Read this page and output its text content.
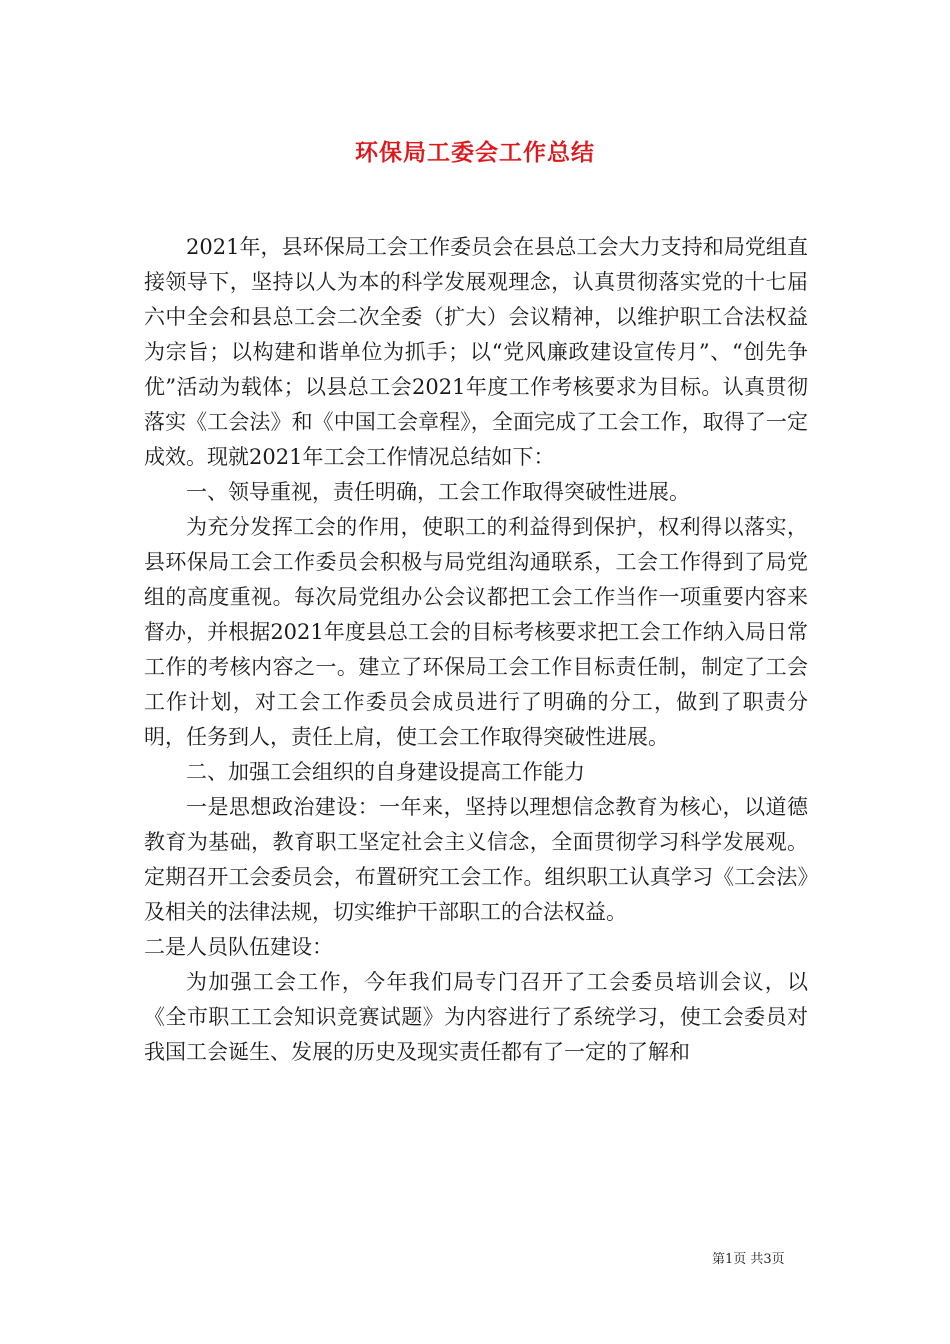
环保局工委会工作总结

2021年，县环保局工会工作委员会在县总工会大力支持和局党组直接领导下，坚持以人为本的科学发展观理念，认真贯彻落实党的十七届六中全会和县总工会二次全委（扩大）会议精神，以维护职工合法权益为宗旨；以构建和谐单位为抓手；以“党风廉政建设宣传月”、“创先争优”活动为载体；以县总工会2021年度工作考核要求为目标。认真贯彻落实《工会法》和《中国工会章程》，全面完成了工会工作，取得了一定成效。现就2021年工会工作情况总结如下：

一、领导重视，责任明确，工会工作取得突破性进展。

为充分发挥工会的作用，使职工的利益得到保护，权利得以落实，县环保局工会工作委员会积极与局党组沟通联系，工会工作得到了局党组的高度重视。每次局党组办公会议都把工会工作当作一项重要内容来督办，并根据2021年度县总工会的目标考核要求把工会工作纳入局日常工作的考核内容之一。建立了环保局工会工作目标责任制，制定了工会工作计划，对工会工作委员会成员进行了明确的分工，做到了职责分明，任务到人，责任上肩，使工会工作取得突破性进展。

二、加强工会组织的自身建设提高工作能力

一是思想政治建设：一年来，坚持以理想信念教育为核心，以道德教育为基础，教育职工坚定社会主义信念，全面贯彻学习科学发展观。定期召开工会委员会，布置研究工会工作。组织职工认真学习《工会法》及相关的法律法规，切实维护干部职工的合法权益。

二是人员队伍建设：

为加强工会工作，今年我们局专门召开了工会委员培训会议，以《全市职工工会知识竞赛试题》为内容进行了系统学习，使工会委员对我国工会诞生、发展的历史及现实责任都有了一定的了解和

第1页 共3页
